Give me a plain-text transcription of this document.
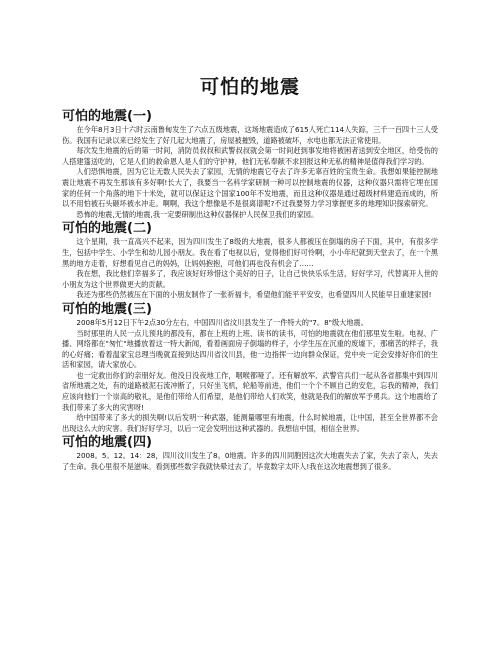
可怕的地震
可怕的地震(一)

在今年8月3日十六时云南鲁甸发生了六点五级地震，这场地震造成了615人死亡114人失踪，三千一百四十三人受伤。我国有记录以来已经发生了好几起大地震了，房屋被摧毁，道路被破坏，水电也都无法正常使用。

每次发生地震的后的第一时间，消防员叔叔和武警叔叔就会第一时间赶到事发地将被困者送到安全地区，给受伤的人搭建篷送吃的，它是人们的救命恩人是人们的守护神，他们无私奉献不求回报这种无私的精神是值得我们学习的。

人们恐惧地震，因为它让无数人民失去了家园，无情的地震它夺去了许多无辜百姓的宝贵生命。我想如果能控制地震让地震不再发生那该有多好啊!长大了，我要当一名科学家研制一种可以控制地震的仪器，这种仪器只需将它埋在国家的任何一个角落的地下十米处，就可以保证这个国家100年不发地震，而且这种仪器是通过超级材料建造而成的，所以不用怕被石头砸坏被水冲走。啊啊，我这个想像是不是很离谱呢?不过我要努力学习掌握更多的地理知识探索研究。

恐怖的地震,无情的地震,我一定要研制出这种仪器保护人民保卫我们的家园。

可怕的地震(二)

这个星期，我一直高兴不起来，因为四川发生了8级的大地震，很多人都被压在倒塌的房子下面，其中，有很多学生，包括中学生、小学生和幼儿园小朋友。我在看了电视以后，觉得他们好可怜啊，小小年纪就到天堂去了，在一个黑黑的地方走着，好想看见自己的妈妈，让妈妈抱抱，可他们再也没有机会了……

我在想，我比他们幸福多了，我应该好好珍惜这个美好的日子，让自己快快乐乐生活，好好学习，代替离开人世的小朋友为这个世界做更大的贡献。

我还为那些仍然被压在下面的小朋友制作了一张祈福卡，希望他们能平平安安，也希望四川人民能早日重建家园!

可怕的地震(三)

2008年5月12日下午2点30分左右，中国四川省汶川县发生了一件特大的"7。8"级大地震。

当时那里的人民一点儿预兆的都没有，都在上班的上班、读书的读书，可怕的地震就在他们那里发生啦。电视、广播、网络都在"匆忙"地播放着这一特大新闻，看着画面房子倒塌的样子，小学生压在沉重的废墟下，那痛苦的样子，我的心好痛；看着温家宝总理当晚就直接到达四川省汶川县，他一边指挥一边向群众保证，党中央一定会安排好你们的生活和家园，请大家放心。

也一定救出你们的亲朋好友。他没日没夜地工作，咽喉都哑了。还有解放军、武警官兵们一起从各省都集中到四川省所地震之处，有的道路被泥石流冲断了，只好坐飞机，轮船等前进，他们一个个不顾自己的安危，忘我的精神，我们应该向他们一个崇高的敬礼，是他们带给人们希望，是他们带给人们欢笑，他就是我们的解放军予勇兵。这个地震给了我们带来了多大的灾害呀!

给中国带来了多大的损失啊!以后发明一种武器，能测量哪里有地震，什么时候地震，让中国，甚至全世界都不会出现这么大的灾害。我们好好学习，以后一定会发明出这种武器的。我想信中国，相信全世界。

可怕的地震(四)

2008。5。12。14：28，四川汶川发生了8。0地震。许多的四川同胞因这次大地震失去了家，失去了亲人，失去了生命。我心里很不是滋味。看到那些数字我就快晕过去了，毕竟数字太吓人!我在这次地震想到了很多。
